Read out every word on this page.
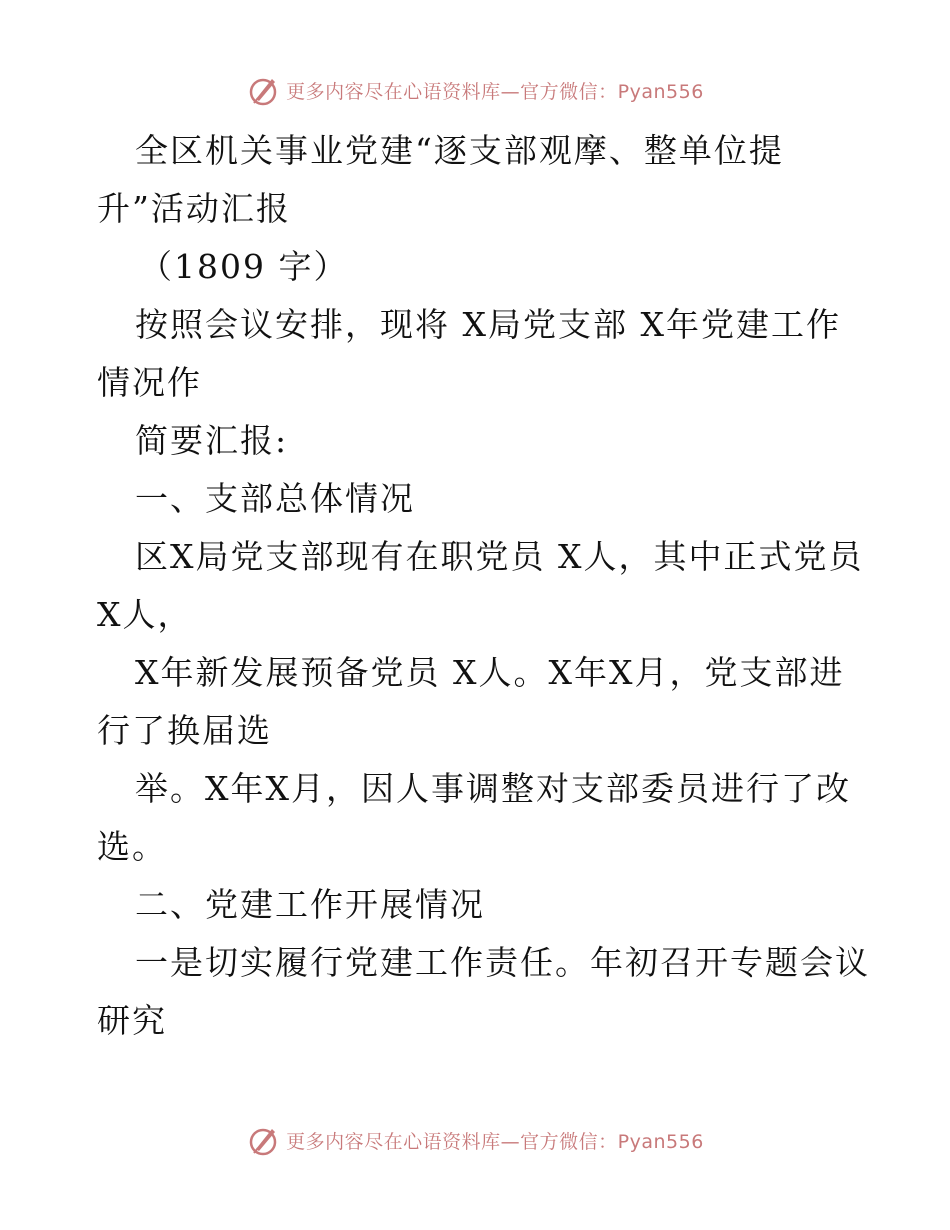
更多内容尽在心语资料库—官方微信：Pyan556
全区机关事业党建“逐支部观摩、整单位提
升”活动汇报
（1809 字）
按照会议安排，现将 X局党支部 X年党建工作
情况作
简要汇报:
一、支部总体情况
区X局党支部现有在职党员 X人，其中正式党员
X人，
X年新发展预备党员 X人。X年X月，党支部进
行了换届选
举。X年X月，因人事调整对支部委员进行了改
选。
二、党建工作开展情况
一是切实履行党建工作责任。年初召开专题会议
研究
更多内容尽在心语资料库—官方微信：Pyan556
